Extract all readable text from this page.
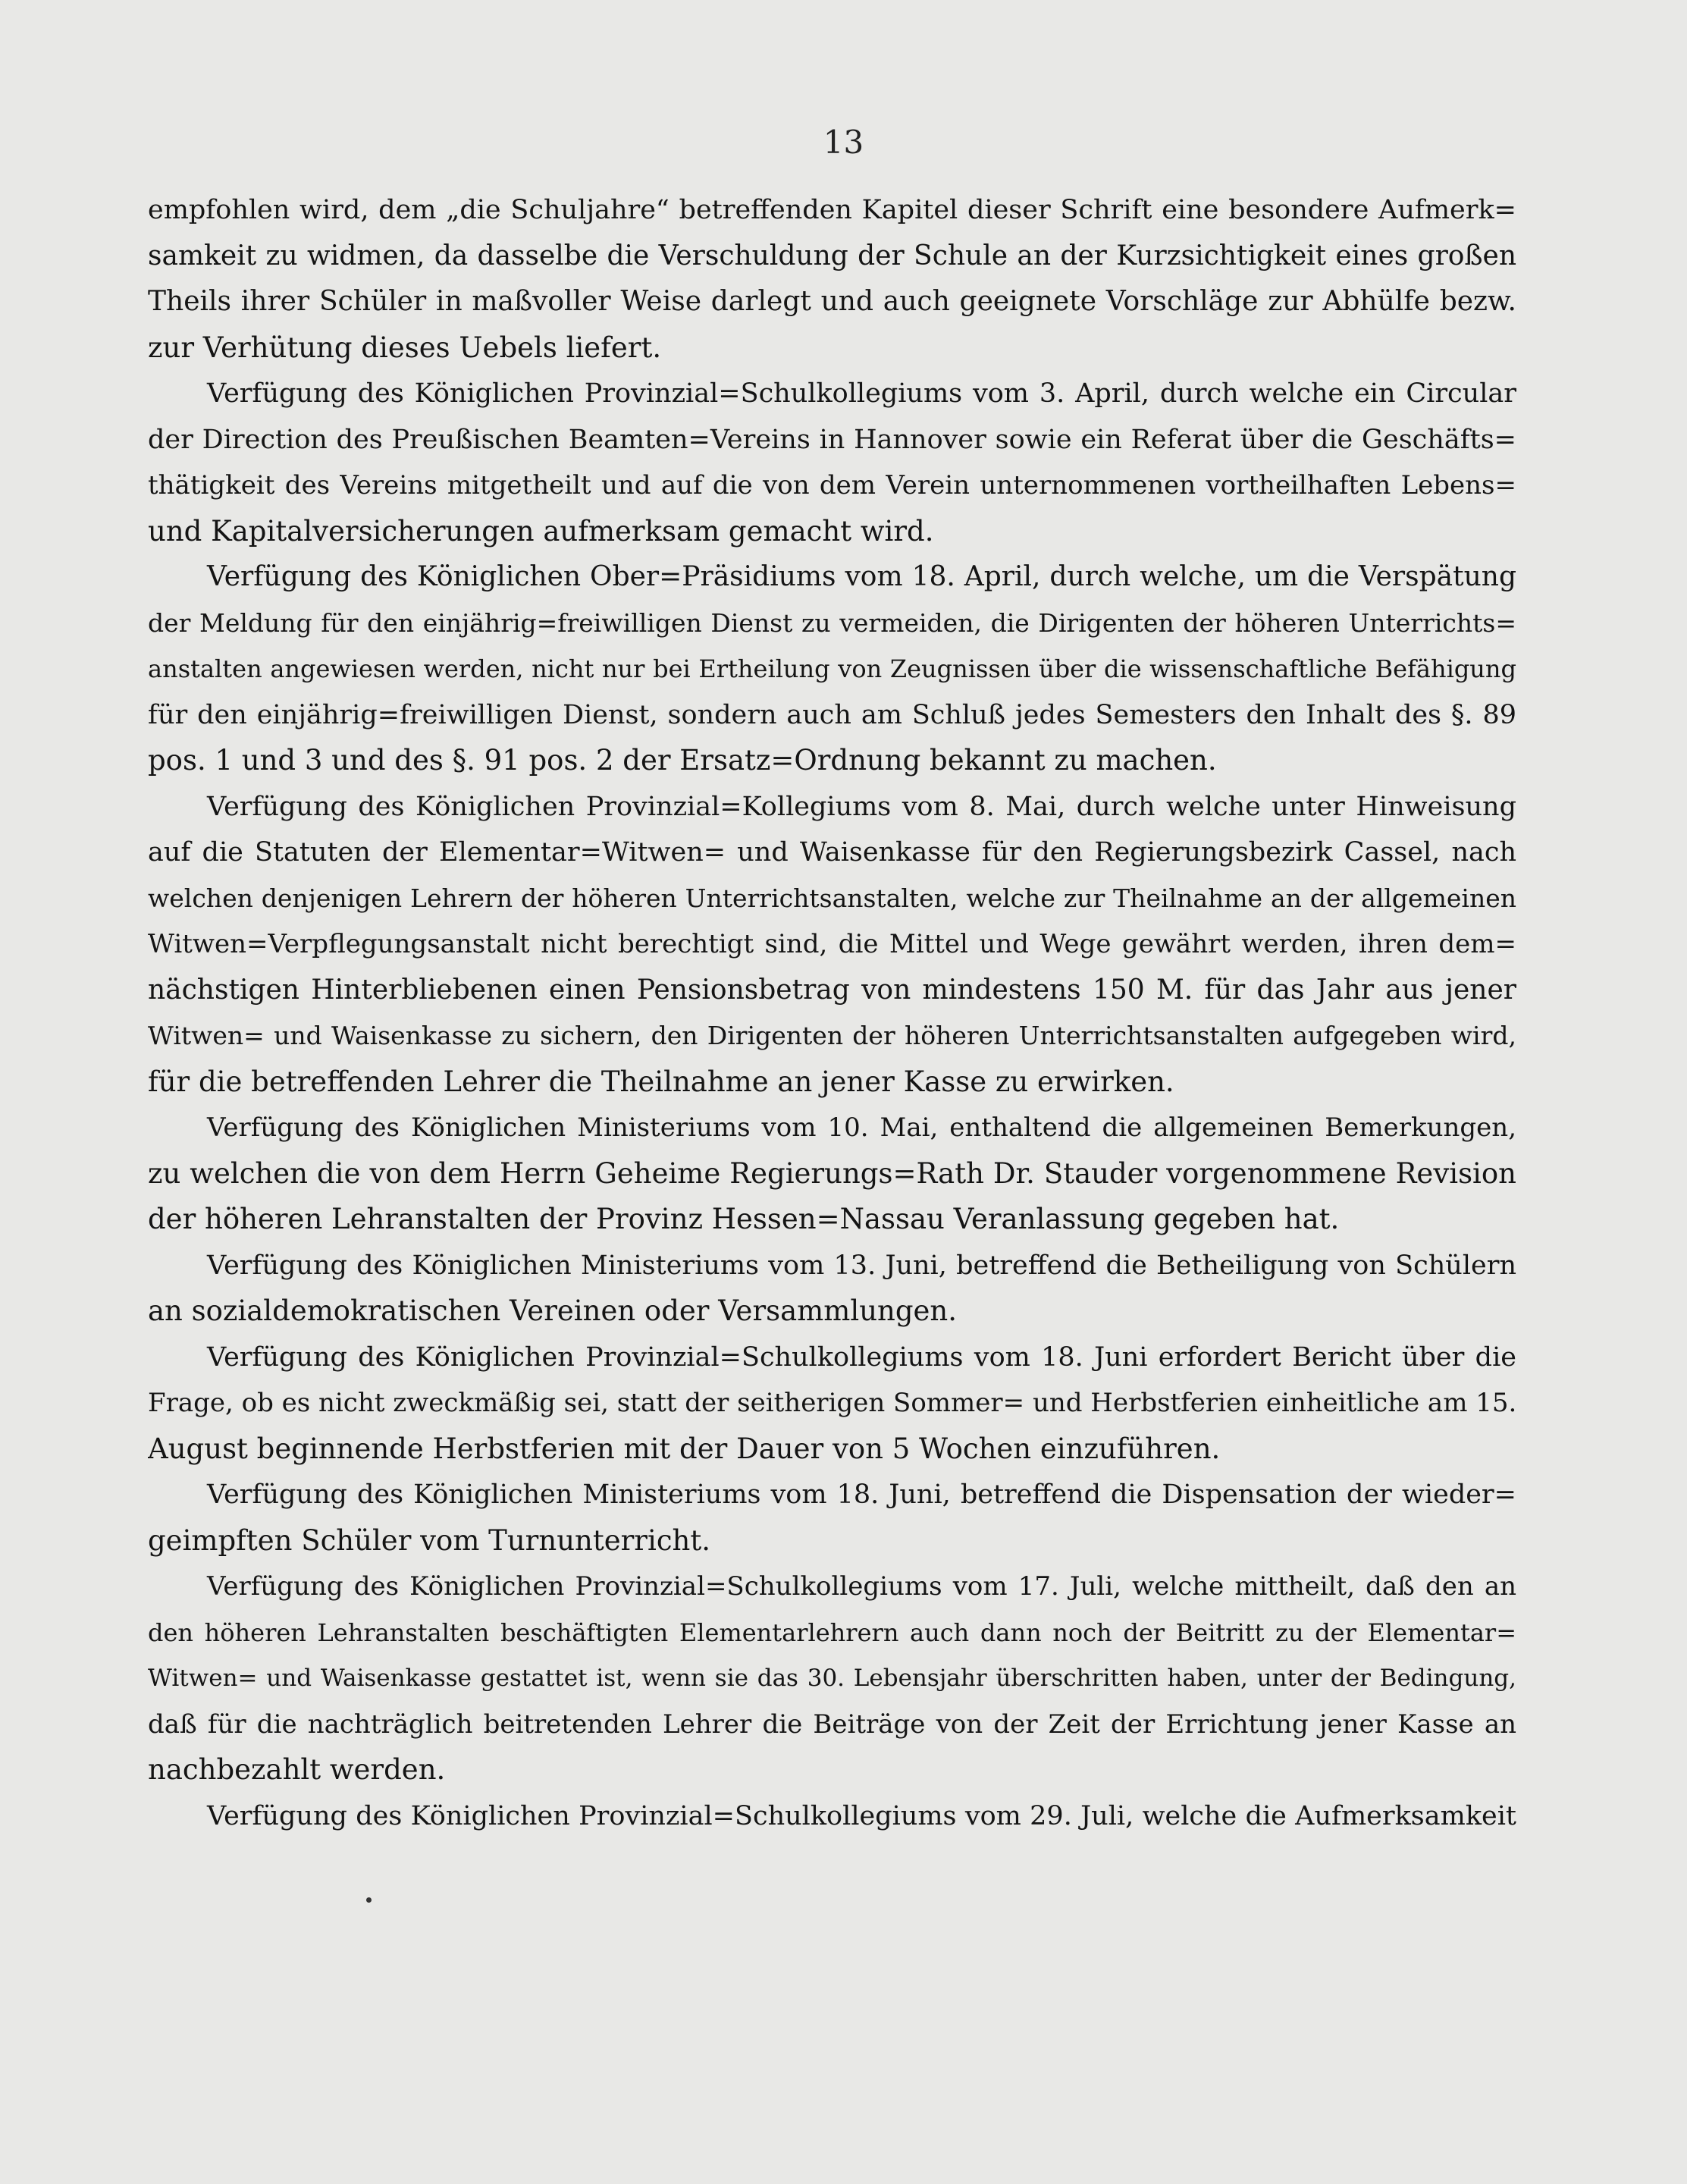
13
empfohlen wird, dem „die Schuljahre“ betreffenden Kapitel dieser Schrift eine besondere Aufmerk=
samkeit zu widmen, da dasselbe die Verschuldung der Schule an der Kurzsichtigkeit eines großen
Theils ihrer Schüler in maßvoller Weise darlegt und auch geeignete Vorschläge zur Abhülfe bezw.
zur Verhütung dieses Uebels liefert.
Verfügung des Königlichen Provinzial=Schulkollegiums vom 3. April, durch welche ein Circular
der Direction des Preußischen Beamten=Vereins in Hannover sowie ein Referat über die Geschäfts=
thätigkeit des Vereins mitgetheilt und auf die von dem Verein unternommenen vortheilhaften Lebens=
und Kapitalversicherungen aufmerksam gemacht wird.
Verfügung des Königlichen Ober=Präsidiums vom 18. April, durch welche, um die Verspätung
der Meldung für den einjährig=freiwilligen Dienst zu vermeiden, die Dirigenten der höheren Unterrichts=
anstalten angewiesen werden, nicht nur bei Ertheilung von Zeugnissen über die wissenschaftliche Befähigung
für den einjährig=freiwilligen Dienst, sondern auch am Schluß jedes Semesters den Inhalt des §. 89
pos. 1 und 3 und des §. 91 pos. 2 der Ersatz=Ordnung bekannt zu machen.
Verfügung des Königlichen Provinzial=Kollegiums vom 8. Mai, durch welche unter Hinweisung
auf die Statuten der Elementar=Witwen= und Waisenkasse für den Regierungsbezirk Cassel, nach
welchen denjenigen Lehrern der höheren Unterrichtsanstalten, welche zur Theilnahme an der allgemeinen
Witwen=Verpflegungsanstalt nicht berechtigt sind, die Mittel und Wege gewährt werden, ihren dem=
nächstigen Hinterbliebenen einen Pensionsbetrag von mindestens 150 M. für das Jahr aus jener
Witwen= und Waisenkasse zu sichern, den Dirigenten der höheren Unterrichtsanstalten aufgegeben wird,
für die betreffenden Lehrer die Theilnahme an jener Kasse zu erwirken.
Verfügung des Königlichen Ministeriums vom 10. Mai, enthaltend die allgemeinen Bemerkungen,
zu welchen die von dem Herrn Geheime Regierungs=Rath Dr. Stauder vorgenommene Revision
der höheren Lehranstalten der Provinz Hessen=Nassau Veranlassung gegeben hat.
Verfügung des Königlichen Ministeriums vom 13. Juni, betreffend die Betheiligung von Schülern
an sozialdemokratischen Vereinen oder Versammlungen.
Verfügung des Königlichen Provinzial=Schulkollegiums vom 18. Juni erfordert Bericht über die
Frage, ob es nicht zweckmäßig sei, statt der seitherigen Sommer= und Herbstferien einheitliche am 15.
August beginnende Herbstferien mit der Dauer von 5 Wochen einzuführen.
Verfügung des Königlichen Ministeriums vom 18. Juni, betreffend die Dispensation der wieder=
geimpften Schüler vom Turnunterricht.
Verfügung des Königlichen Provinzial=Schulkollegiums vom 17. Juli, welche mittheilt, daß den an
den höheren Lehranstalten beschäftigten Elementarlehrern auch dann noch der Beitritt zu der Elementar=
Witwen= und Waisenkasse gestattet ist, wenn sie das 30. Lebensjahr überschritten haben, unter der Bedingung,
daß für die nachträglich beitretenden Lehrer die Beiträge von der Zeit der Errichtung jener Kasse an
nachbezahlt werden.
Verfügung des Königlichen Provinzial=Schulkollegiums vom 29. Juli, welche die Aufmerksamkeit
